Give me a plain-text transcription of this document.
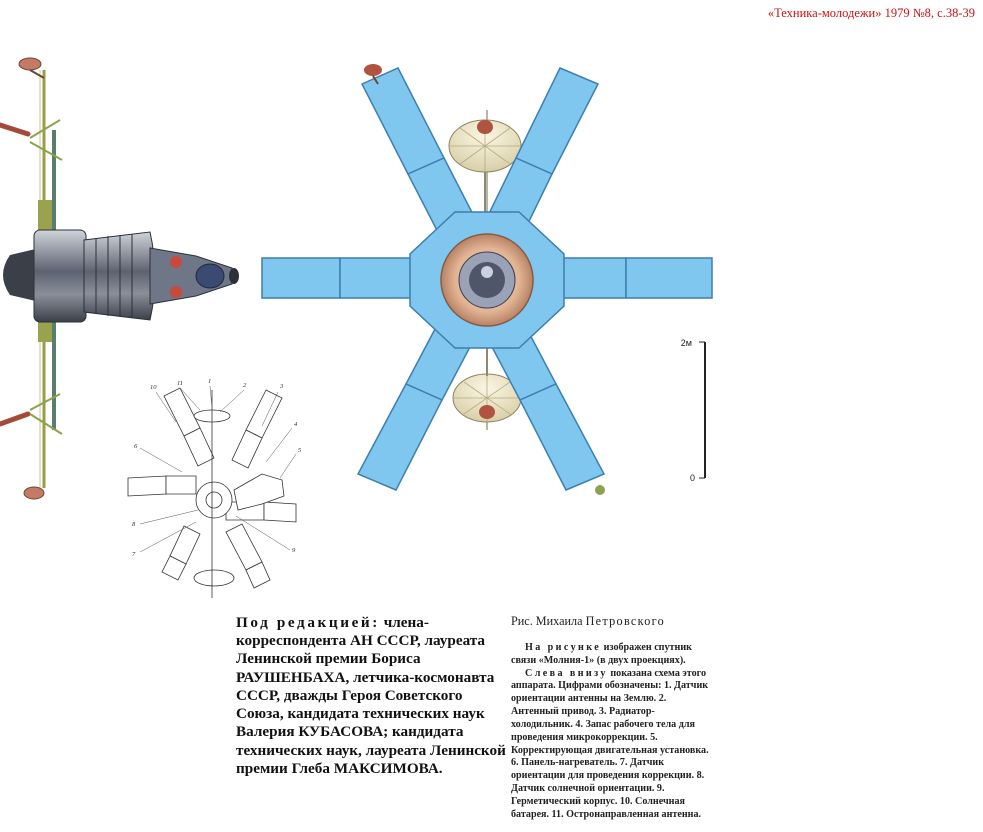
«Техника-молодежи» 1979 №8, с.38-39
2м
0
10
11	1
2	3
4
5
6
7
8
9
Под редакцией: члена-корреспондента АН СССР, лауреата Ленинской премии Бориса РАУШЕНБАХА, летчика-космонавта СССР, дважды Героя Советского Союза, кандидата технических наук Валерия КУБАСОВА; кандидата технических наук, лауреата Ленинской премии Глеба МАКСИМОВА.
Рис. Михаила Петровского

На рисунке изображен спутник связи «Молния-1» (в двух проекциях).

Слева внизу показана схема этого аппарата. Цифрами обозначены: 1. Датчик ориентации антенны на Землю. 2. Антенный привод. 3. Радиатор-холодильник. 4. Запас рабочего тела для проведения микрокоррекции. 5. Корректирующая двигательная установка. 6. Панель-нагреватель. 7. Датчик ориентации для проведения коррекции. 8. Датчик солнечной ориентации. 9. Герметический корпус. 10. Солнечная батарея. 11. Остронаправленная антенна.
